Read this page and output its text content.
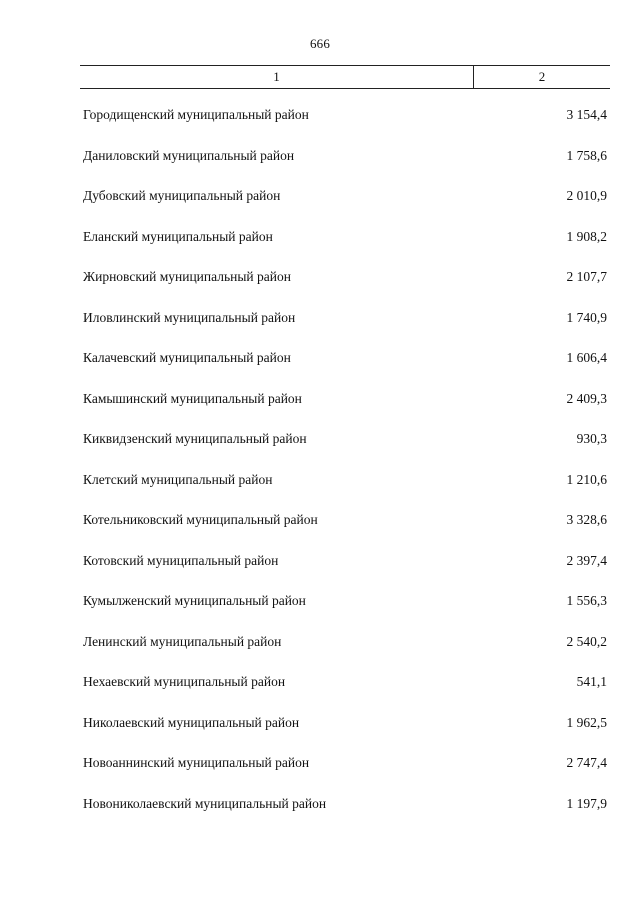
666
1	2
Городищенский муниципальный район	3 154,4
Даниловский муниципальный район	1 758,6
Дубовский муниципальный район	2 010,9
Еланский муниципальный район	1 908,2
Жирновский муниципальный район	2 107,7
Иловлинский муниципальный район	1 740,9
Калачевский муниципальный район	1 606,4
Камышинский муниципальный район	2 409,3
Киквидзенский муниципальный район	930,3
Клетский муниципальный район	1 210,6
Котельниковский муниципальный район	3 328,6
Котовский муниципальный район	2 397,4
Кумылженский муниципальный район	1 556,3
Ленинский муниципальный район	2 540,2
Нехаевский муниципальный район	541,1
Николаевский муниципальный район	1 962,5
Новоаннинский муниципальный район	2 747,4
Новониколаевский муниципальный район	1 197,9
